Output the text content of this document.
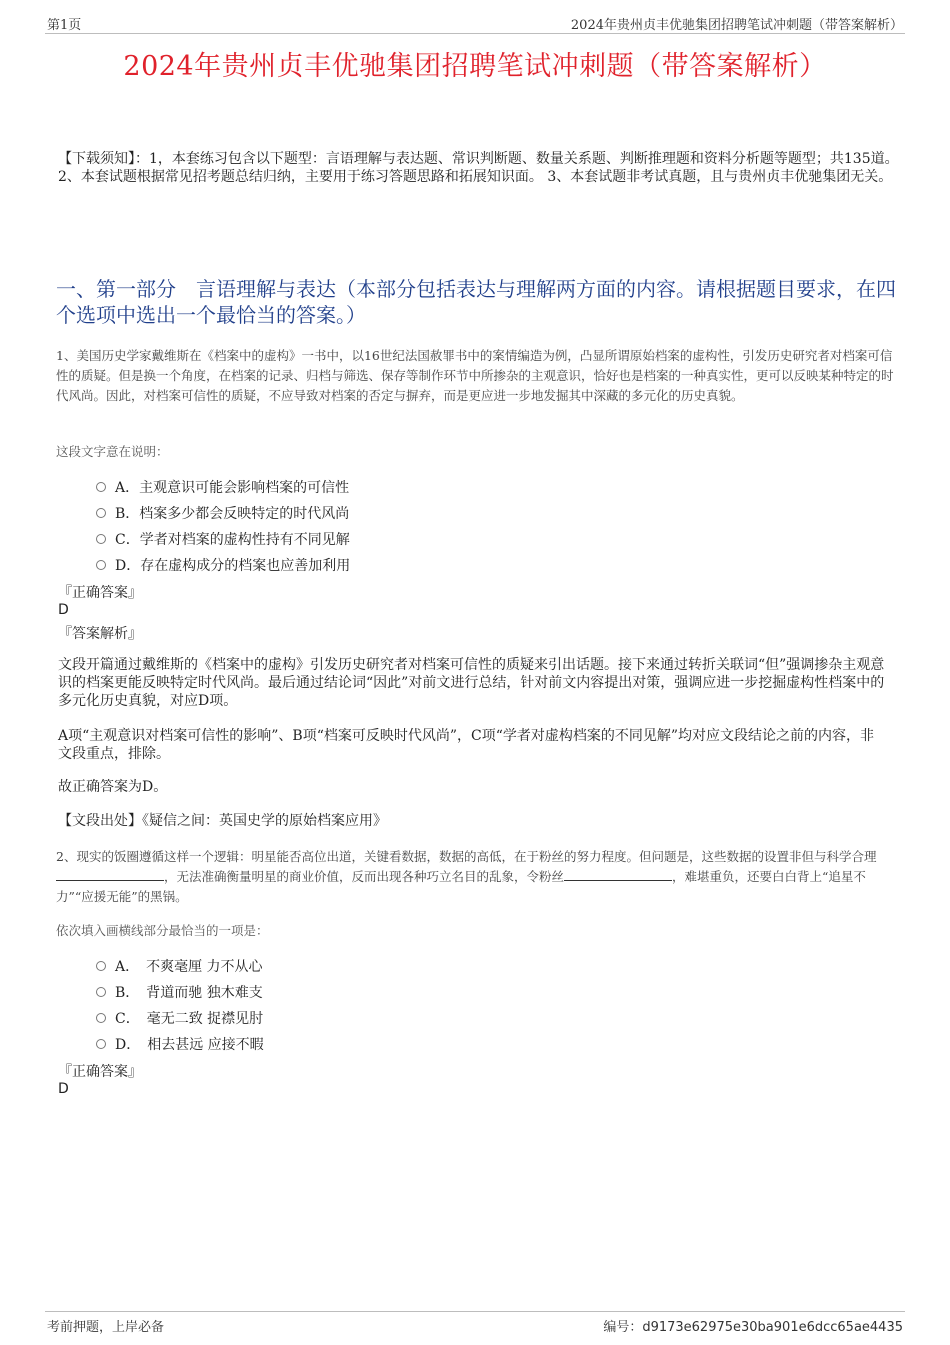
第1页	2024年贵州贞丰优驰集团招聘笔试冲刺题（带答案解析）
2024年贵州贞丰优驰集团招聘笔试冲刺题（带答案解析）
【下载须知】：1，本套练习包含以下题型：言语理解与表达题、常识判断题、数量关系题、判断推理题和资料分析题等题型；共135道。 2、本套试题根据常见招考题总结归纳，主要用于练习答题思路和拓展知识面。 3、本套试题非考试真题，且与贵州贞丰优驰集团无关。
一、第一部分　言语理解与表达（本部分包括表达与理解两方面的内容。请根据题目要求，在四个选项中选出一个最恰当的答案。）
1、美国历史学家戴维斯在《档案中的虚构》一书中，以16世纪法国赦罪书中的案情编造为例，凸显所谓原始档案的虚构性，引发历史研究者对档案可信性的质疑。但是换一个角度，在档案的记录、归档与筛选、保存等制作环节中所掺杂的主观意识，恰好也是档案的一种真实性，更可以反映某种特定的时代风尚。因此，对档案可信性的质疑，不应导致对档案的否定与摒弃，而是更应进一步地发掘其中深藏的多元化的历史真貌。
这段文字意在说明：
A．主观意识可能会影响档案的可信性
B．档案多少都会反映特定的时代风尚
C．学者对档案的虚构性持有不同见解
D．存在虚构成分的档案也应善加利用
『正确答案』
D
『答案解析』
文段开篇通过戴维斯的《档案中的虚构》引发历史研究者对档案可信性的质疑来引出话题。接下来通过转折关联词“但”强调掺杂主观意识的档案更能反映特定时代风尚。最后通过结论词“因此”对前文进行总结，针对前文内容提出对策，强调应进一步挖掘虚构性档案中的多元化历史真貌，对应D项。
A项“主观意识对档案可信性的影响”、B项“档案可反映时代风尚”，C项“学者对虚构档案的不同见解”均对应文段结论之前的内容，非文段重点，排除。
故正确答案为D。
【文段出处】《疑信之间：英国史学的原始档案应用》
2、现实的饭圈遵循这样一个逻辑：明星能否高位出道，关键看数据，数据的高低，在于粉丝的努力程度。但问题是，这些数据的设置非但与科学合理，无法准确衡量明星的商业价值，反而出现各种巧立名目的乱象，令粉丝	，难堪重负，还要白白背上“追星不力”“应援无能”的黑锅。
依次填入画横线部分最恰当的一项是：
A．　不爽毫厘 力不从心
B．　背道而驰 独木难支
C．　毫无二致 捉襟见肘
D．　相去甚远 应接不暇
『正确答案』
D
考前押题，上岸必备	编号：d9173e62975e30ba901e6dcc65ae4435
